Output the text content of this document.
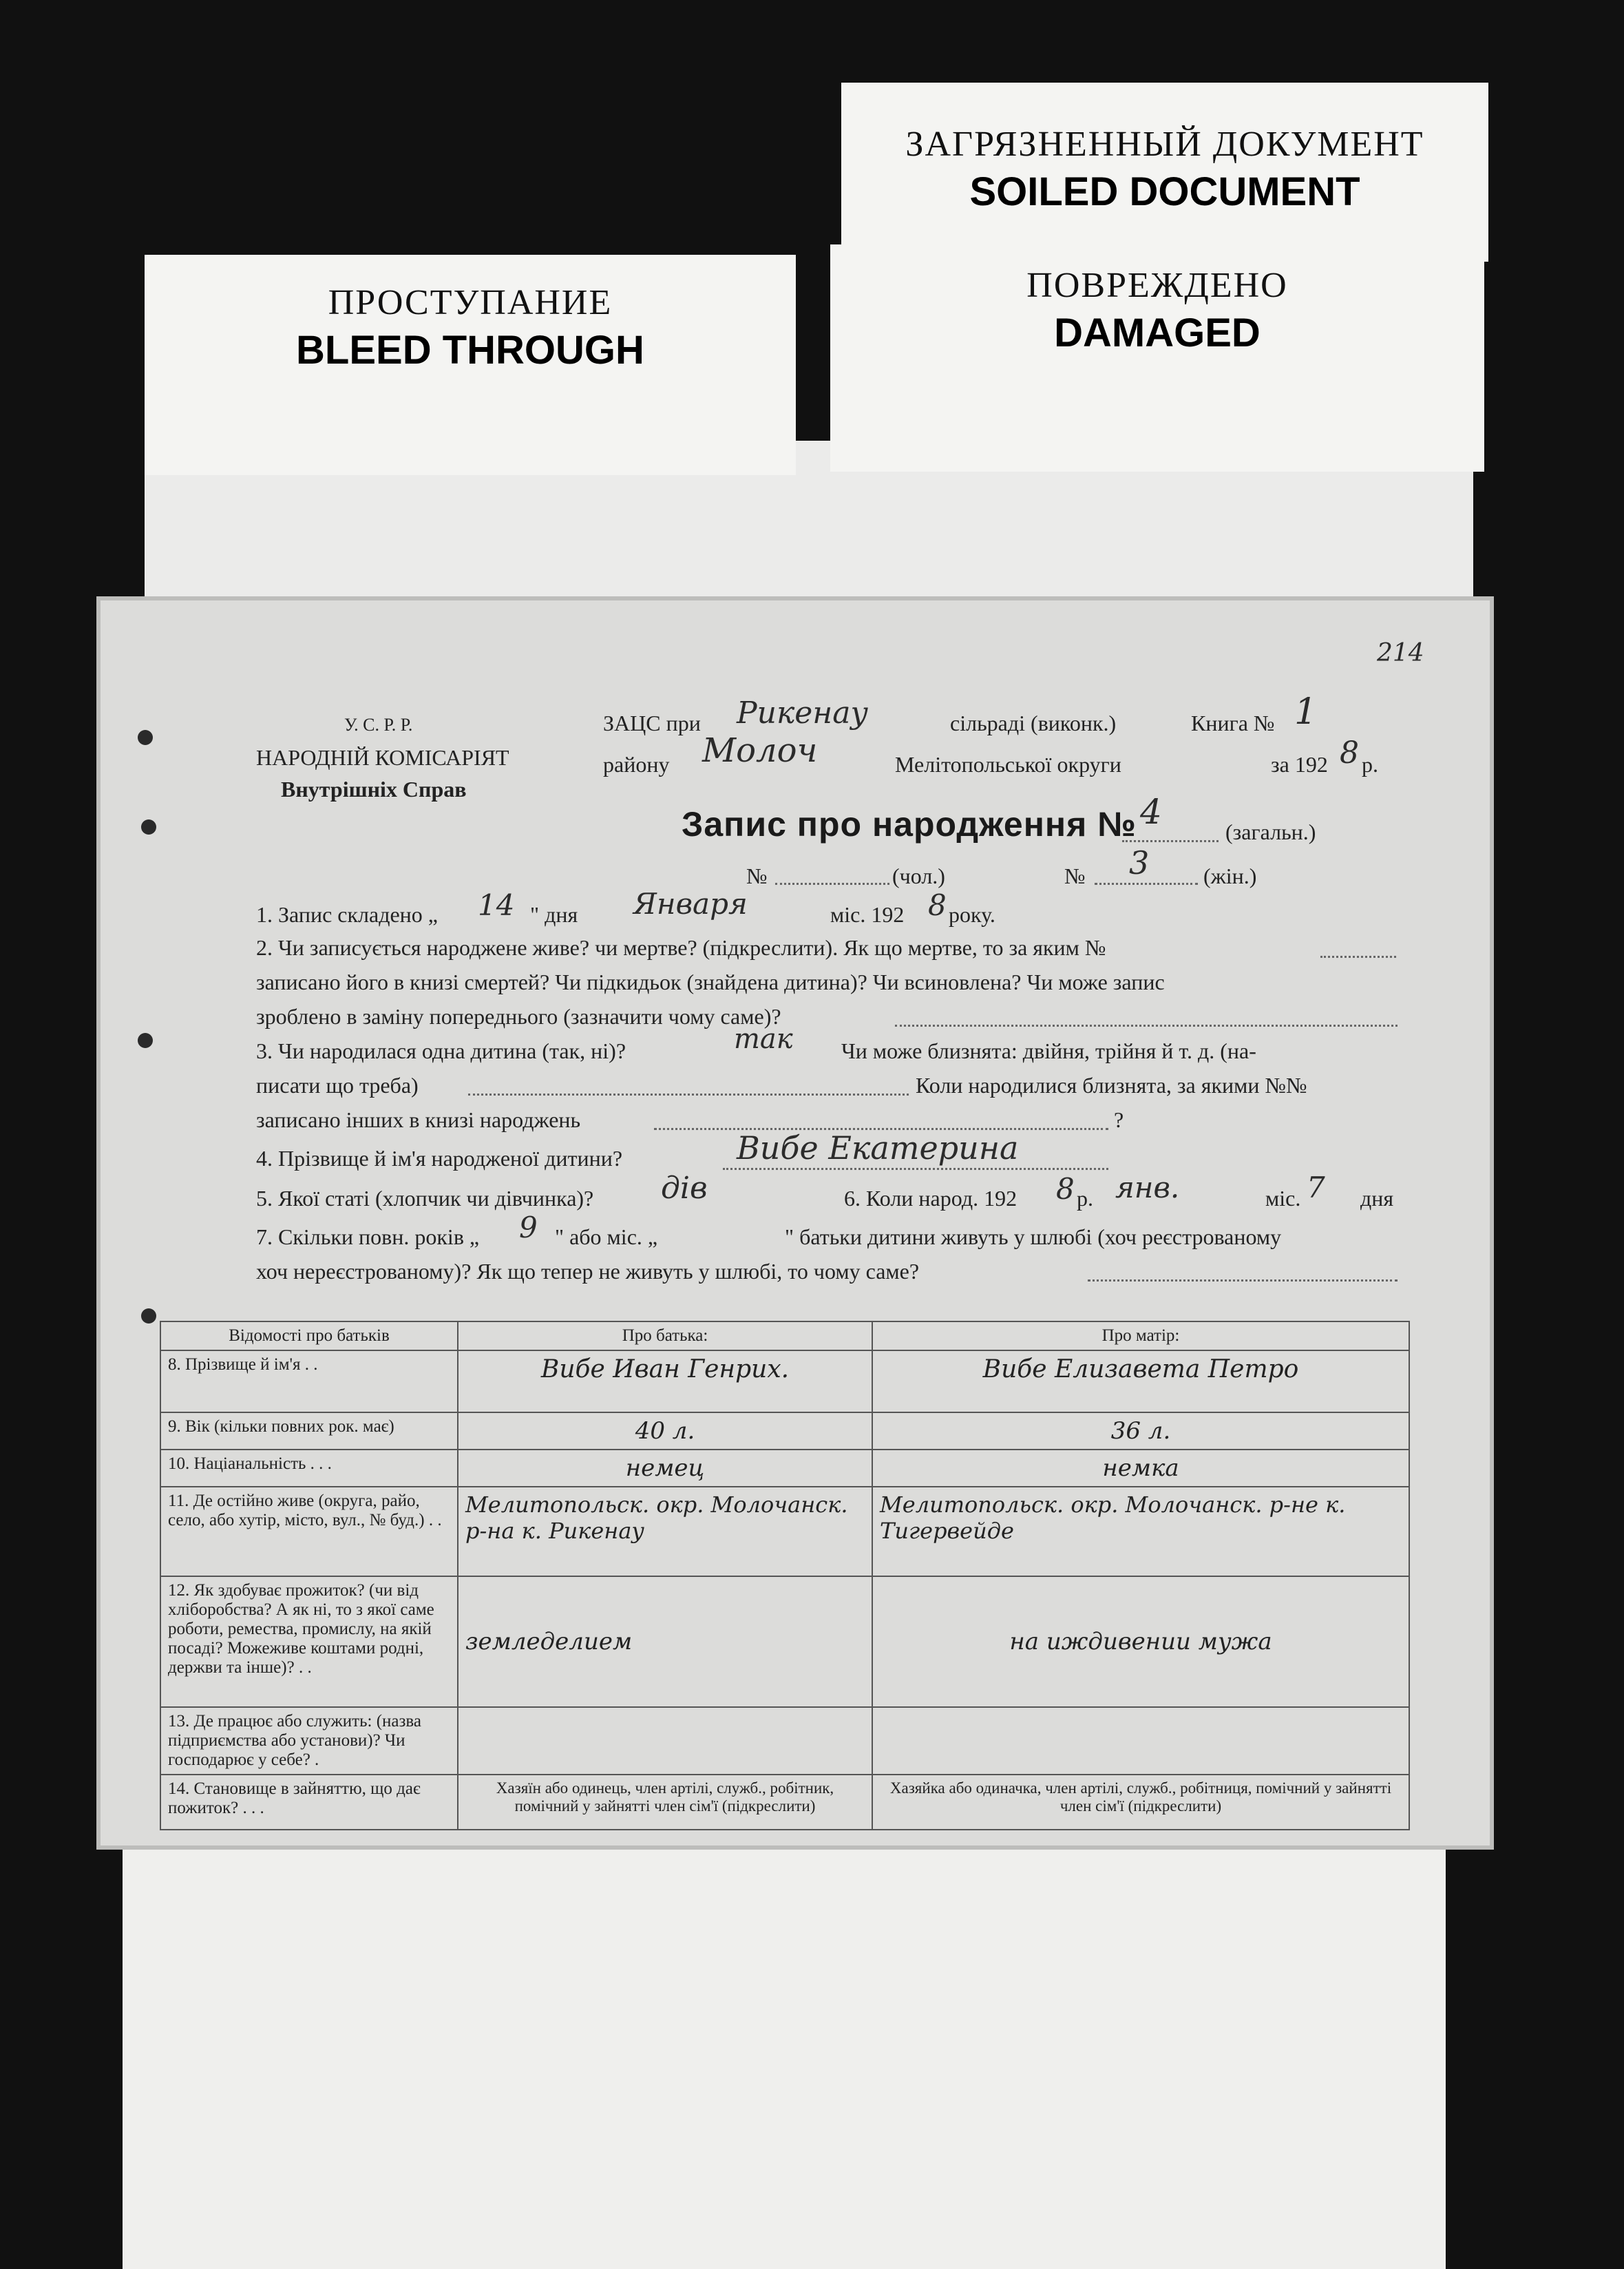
ЗАГРЯЗНЕННЫЙ ДОКУМЕНТ
SOILED DOCUMENT
ПОВРЕЖДЕНО
DAMAGED
ПРОСТУПАНИЕ
BLEED THROUGH
214
У. С. Р. Р.
НАРОДНІЙ КОМІСАРІЯТ
Внутрішніх Справ
ЗАЦС при Рикенау	сільраді (виконк.)	Книга № 1
району Молоч	Мелітопольської округи	за 192 8 р.
Запис про народження № 4	(загальн.)
№	(чол.)	№ 3 (жін.)
1. Запис складено „ 14 " дня Января	міс. 192 8 року.
2. Чи записується народжене живе? чи мертве? (підкреслити). Як що мертве, то за яким №
записано його в книзі смертей? Чи підкидьок (знайдена дитина)? Чи всиновлена? Чи може запис
зроблено в заміну попереднього (зазначити чому саме)?
3. Чи народилася одна дитина (так, ні)?	так Чи може близнята: двійня, трійня й т. д. (на-
писати що треба)	Коли народилися близнята, за якими №№
записано інших в книзі народжень	?
4. Прізвище й ім'я народженої дитини?	Вибе Екатерина
5. Якої статі (хлопчик чи дівчинка)? дів	6. Коли народ. 192 8 р. янв.	міс. 7 дня
7. Скільки повн. років „ 9 " або міс. „	" батьки дитини живуть у шлюбі (хоч реєстрованому
хоч нереєстрованому)? Як що тепер не живуть у шлюбі, то чому саме?
Відомості про батьків	Про батька:	Про матір:
8. Прізвище й ім'я . .	Вибе Иван Генрих.	Вибе Елизавета Петро
9. Вік (кільки повних рок. має)	40 л.	36 л.
10. Націанальність . . .	немец	немка
11. Де остійно живе (округа, райо, село, або хутір, місто, вул., № буд.) . .	Мелитопольск. окр. Молочанск. р-на к. Рикенау	Мелитопольск. окр. Молочанск. р-не к. Тигервейде
12. Як здобуває прожиток? (чи від хліборобства? А як ні, то з якої саме роботи, ремества, промислу, на якій посаді? Можеживе коштами родні, держви та інше)? . .	земледелием	на иждивении мужа
13. Де працює або служить: (назва підприємства або установи)? Чи господарює у себе? .		
14. Становище в зайняттю, що дає пожиток? . . .	Хазяїн або одинець, член артілі, служб., робітник, помічний у зайнятті член сім'ї (підкреслити)	Хазяйка або одиначка, член артілі, служб., робітниця, помічний у зайнятті член сім'ї (підкреслити)
